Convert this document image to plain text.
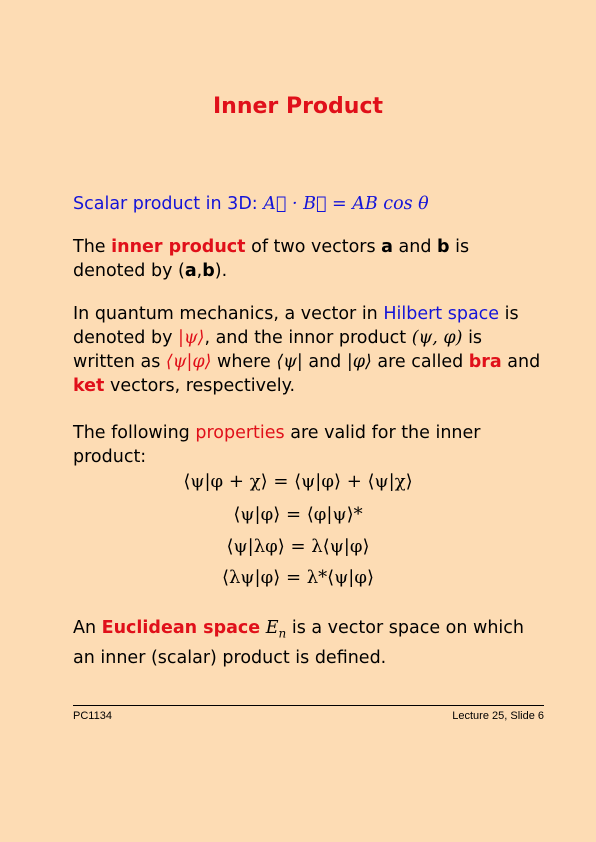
Inner Product
Scalar product in 3D: A⃗ · B⃗ = AB cos θ
The inner product of two vectors a and b is denoted by (a,b).
In quantum mechanics, a vector in Hilbert space is denoted by |ψ⟩, and the innor product (ψ, φ) is written as ⟨ψ|φ⟩ where ⟨ψ| and |φ⟩ are called bra and ket vectors, respectively.
The following properties are valid for the inner product:
⟨ψ|φ + χ⟩ = ⟨ψ|φ⟩ + ⟨ψ|χ⟩
⟨ψ|φ⟩ = ⟨φ|ψ⟩*
⟨ψ|λφ⟩ = λ⟨ψ|φ⟩
⟨λψ|φ⟩ = λ*⟨ψ|φ⟩
An Euclidean space $E_n$ is a vector space on which an inner (scalar) product is defined.
PC1134	Lecture 25, Slide 6
